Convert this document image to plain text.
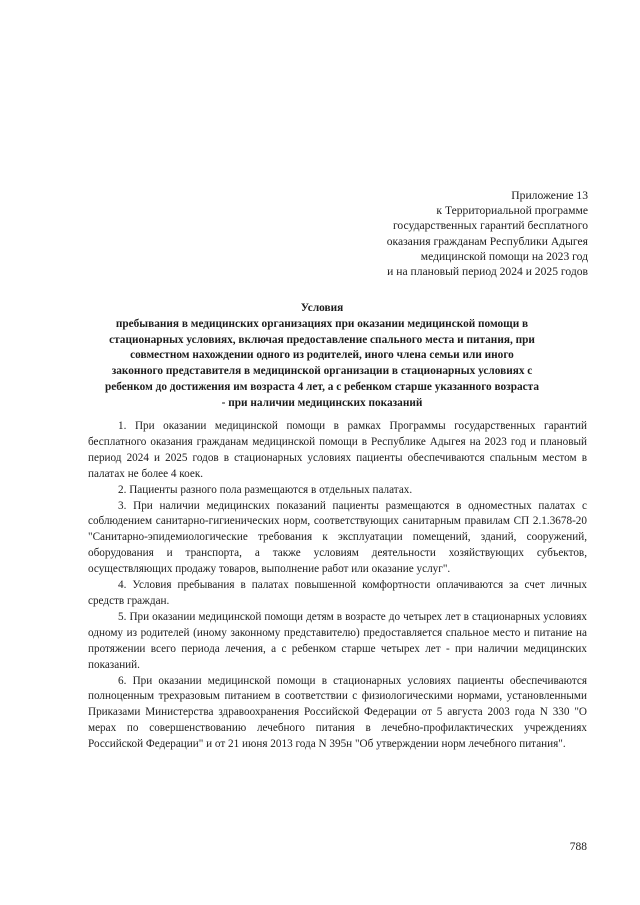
Приложение 13
к Территориальной программе
государственных гарантий бесплатного
оказания гражданам Республики Адыгея
медицинской помощи на 2023 год
и на плановый период 2024 и 2025 годов
Условия
пребывания в медицинских организациях при оказании медицинской помощи в
стационарных условиях, включая предоставление спального места и питания, при
совместном нахождении одного из родителей, иного члена семьи или иного
законного представителя в медицинской организации в стационарных условиях с
ребенком до достижения им возраста 4 лет, а с ребенком старше указанного возраста
- при наличии медицинских показаний

1. При оказании медицинской помощи в рамках Программы государственных гарантий бесплатного оказания гражданам медицинской помощи в Республике Адыгея на 2023 год и плановый период 2024 и 2025 годов в стационарных условиях пациенты обеспечиваются спальным местом в палатах не более 4 коек.

2. Пациенты разного пола размещаются в отдельных палатах.

3. При наличии медицинских показаний пациенты размещаются в одноместных палатах с соблюдением санитарно-гигиенических норм, соответствующих санитарным правилам СП 2.1.3678-20 "Санитарно-эпидемиологические требования к эксплуатации помещений, зданий, сооружений, оборудования и транспорта, а также условиям деятельности хозяйствующих субъектов, осуществляющих продажу товаров, выполнение работ или оказание услуг".

4. Условия пребывания в палатах повышенной комфортности оплачиваются за счет личных средств граждан.

5. При оказании медицинской помощи детям в возрасте до четырех лет в стационарных условиях одному из родителей (иному законному представителю) предоставляется спальное место и питание на протяжении всего периода лечения, а с ребенком старше четырех лет - при наличии медицинских показаний.

6. При оказании медицинской помощи в стационарных условиях пациенты обеспечиваются полноценным трехразовым питанием в соответствии с физиологическими нормами, установленными Приказами Министерства здравоохранения Российской Федерации от 5 августа 2003 года N 330 "О мерах по совершенствованию лечебного питания в лечебно-профилактических учреждениях Российской Федерации" и от 21 июня 2013 года N 395н "Об утверждении норм лечебного питания".

788
